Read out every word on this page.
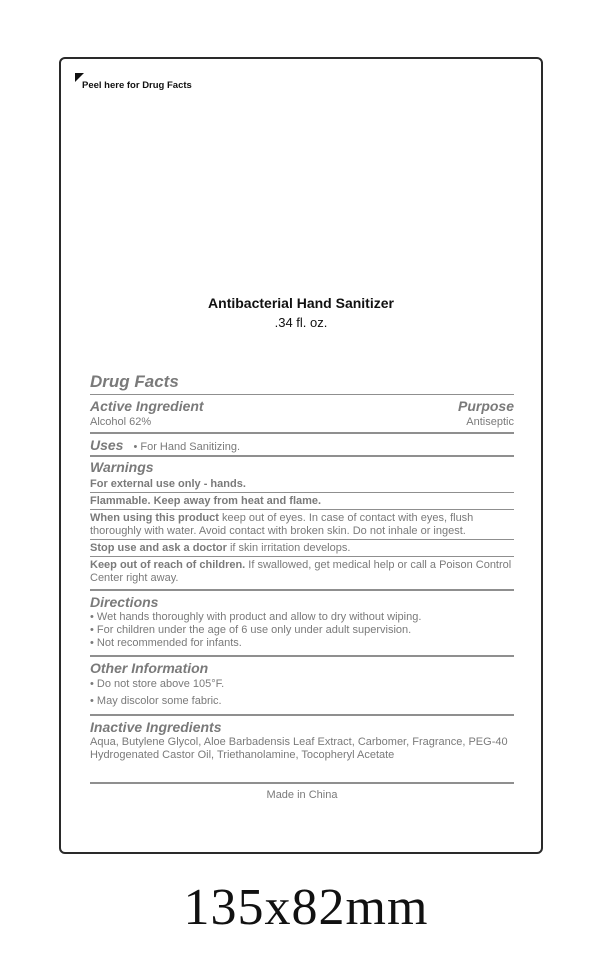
Peel here for Drug Facts
Antibacterial Hand Sanitizer
.34 fl. oz.
Drug Facts
Active Ingredient	Purpose
Alcohol 62%	Antiseptic
Uses • For Hand Sanitizing.
Warnings
For external use only - hands.
Flammable. Keep away from heat and flame.
When using this product keep out of eyes. In case of contact with eyes, flush thoroughly with water. Avoid contact with broken skin. Do not inhale or ingest.
Stop use and ask a doctor if skin irritation develops.
Keep out of reach of children. If swallowed, get medical help or call a Poison Control Center right away.
Directions
• Wet hands thoroughly with product and allow to dry without wiping.
• For children under the age of 6 use only under adult supervision.
• Not recommended for infants.
Other Information
• Do not store above 105°F.
• May discolor some fabric.
Inactive Ingredients
Aqua, Butylene Glycol, Aloe Barbadensis Leaf Extract, Carbomer, Fragrance, PEG-40 Hydrogenated Castor Oil, Triethanolamine, Tocopheryl Acetate
Made in China
135x82mm
